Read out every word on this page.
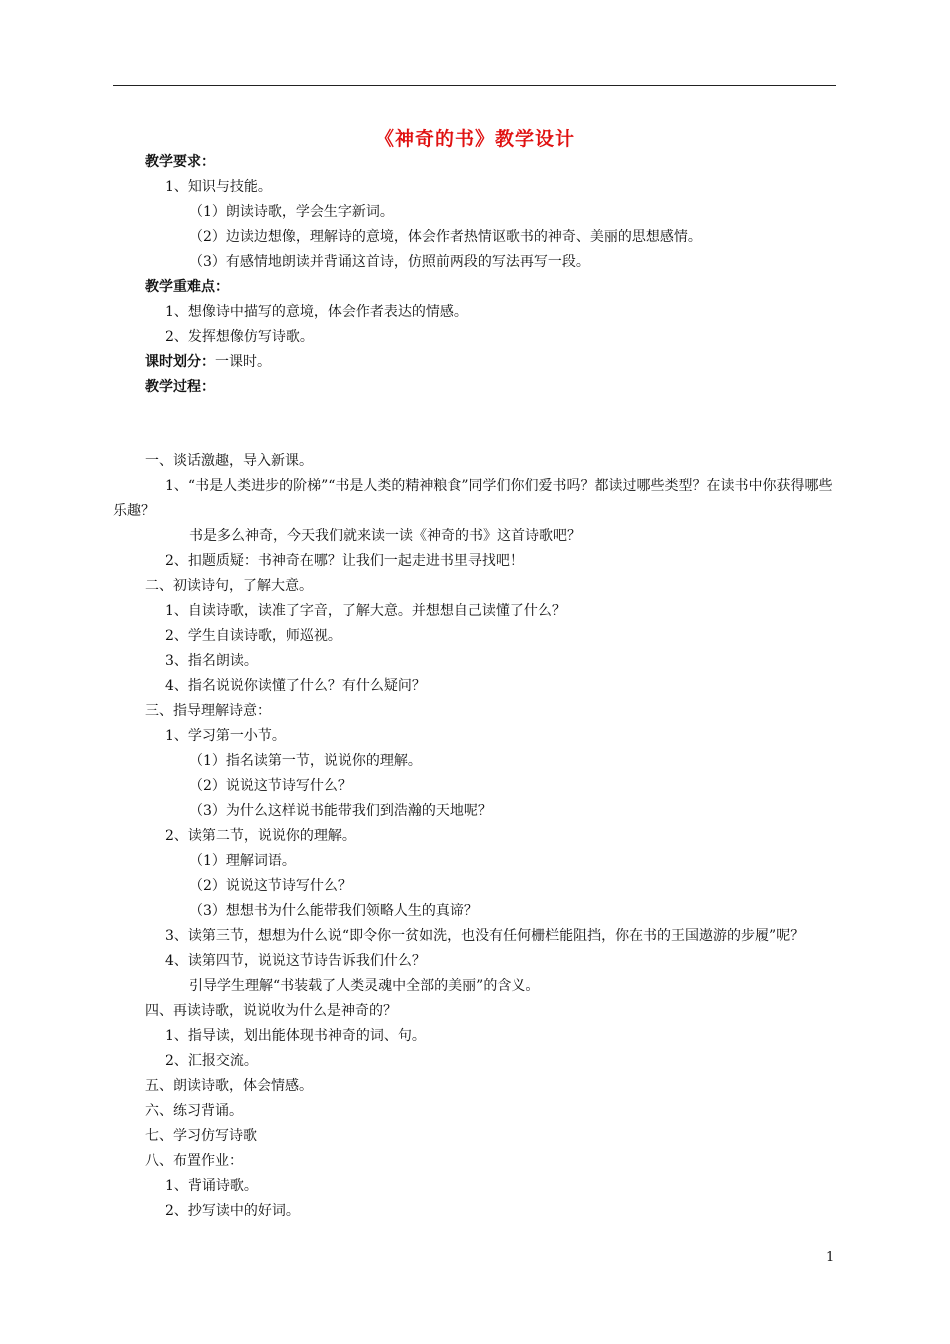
《神奇的书》教学设计
教学要求：
1、知识与技能。
（1）朗读诗歌，学会生字新词。
（2）边读边想像，理解诗的意境，体会作者热情讴歌书的神奇、美丽的思想感情。
（3）有感情地朗读并背诵这首诗，仿照前两段的写法再写一段。
教学重难点：
1、想像诗中描写的意境，体会作者表达的情感。
2、发挥想像仿写诗歌。
课时划分：一课时。
教学过程：
一、谈话激趣，导入新课。
1、“书是人类进步的阶梯”“书是人类的精神粮食”同学们你们爱书吗？都读过哪些类型？在读书中你获得哪些乐趣？
书是多么神奇，今天我们就来读一读《神奇的书》这首诗歌吧？
2、扣题质疑：书神奇在哪？让我们一起走进书里寻找吧！
二、初读诗句，了解大意。
1、自读诗歌，读准了字音，了解大意。并想想自己读懂了什么？
2、学生自读诗歌，师巡视。
3、指名朗读。
4、指名说说你读懂了什么？有什么疑问？
三、指导理解诗意：
1、学习第一小节。
（1）指名读第一节，说说你的理解。
（2）说说这节诗写什么？
（3）为什么这样说书能带我们到浩瀚的天地呢？
2、读第二节，说说你的理解。
（1）理解词语。
（2）说说这节诗写什么？
（3）想想书为什么能带我们领略人生的真谛？
3、读第三节，想想为什么说“即令你一贫如洗，也没有任何栅栏能阻挡，你在书的王国遨游的步履”呢？
4、读第四节，说说这节诗告诉我们什么？
引导学生理解“书装载了人类灵魂中全部的美丽”的含义。
四、再读诗歌，说说收为什么是神奇的？
1、指导读，划出能体现书神奇的词、句。
2、汇报交流。
五、朗读诗歌，体会情感。
六、练习背诵。
七、学习仿写诗歌
八、布置作业：
1、背诵诗歌。
2、抄写读中的好词。
1
